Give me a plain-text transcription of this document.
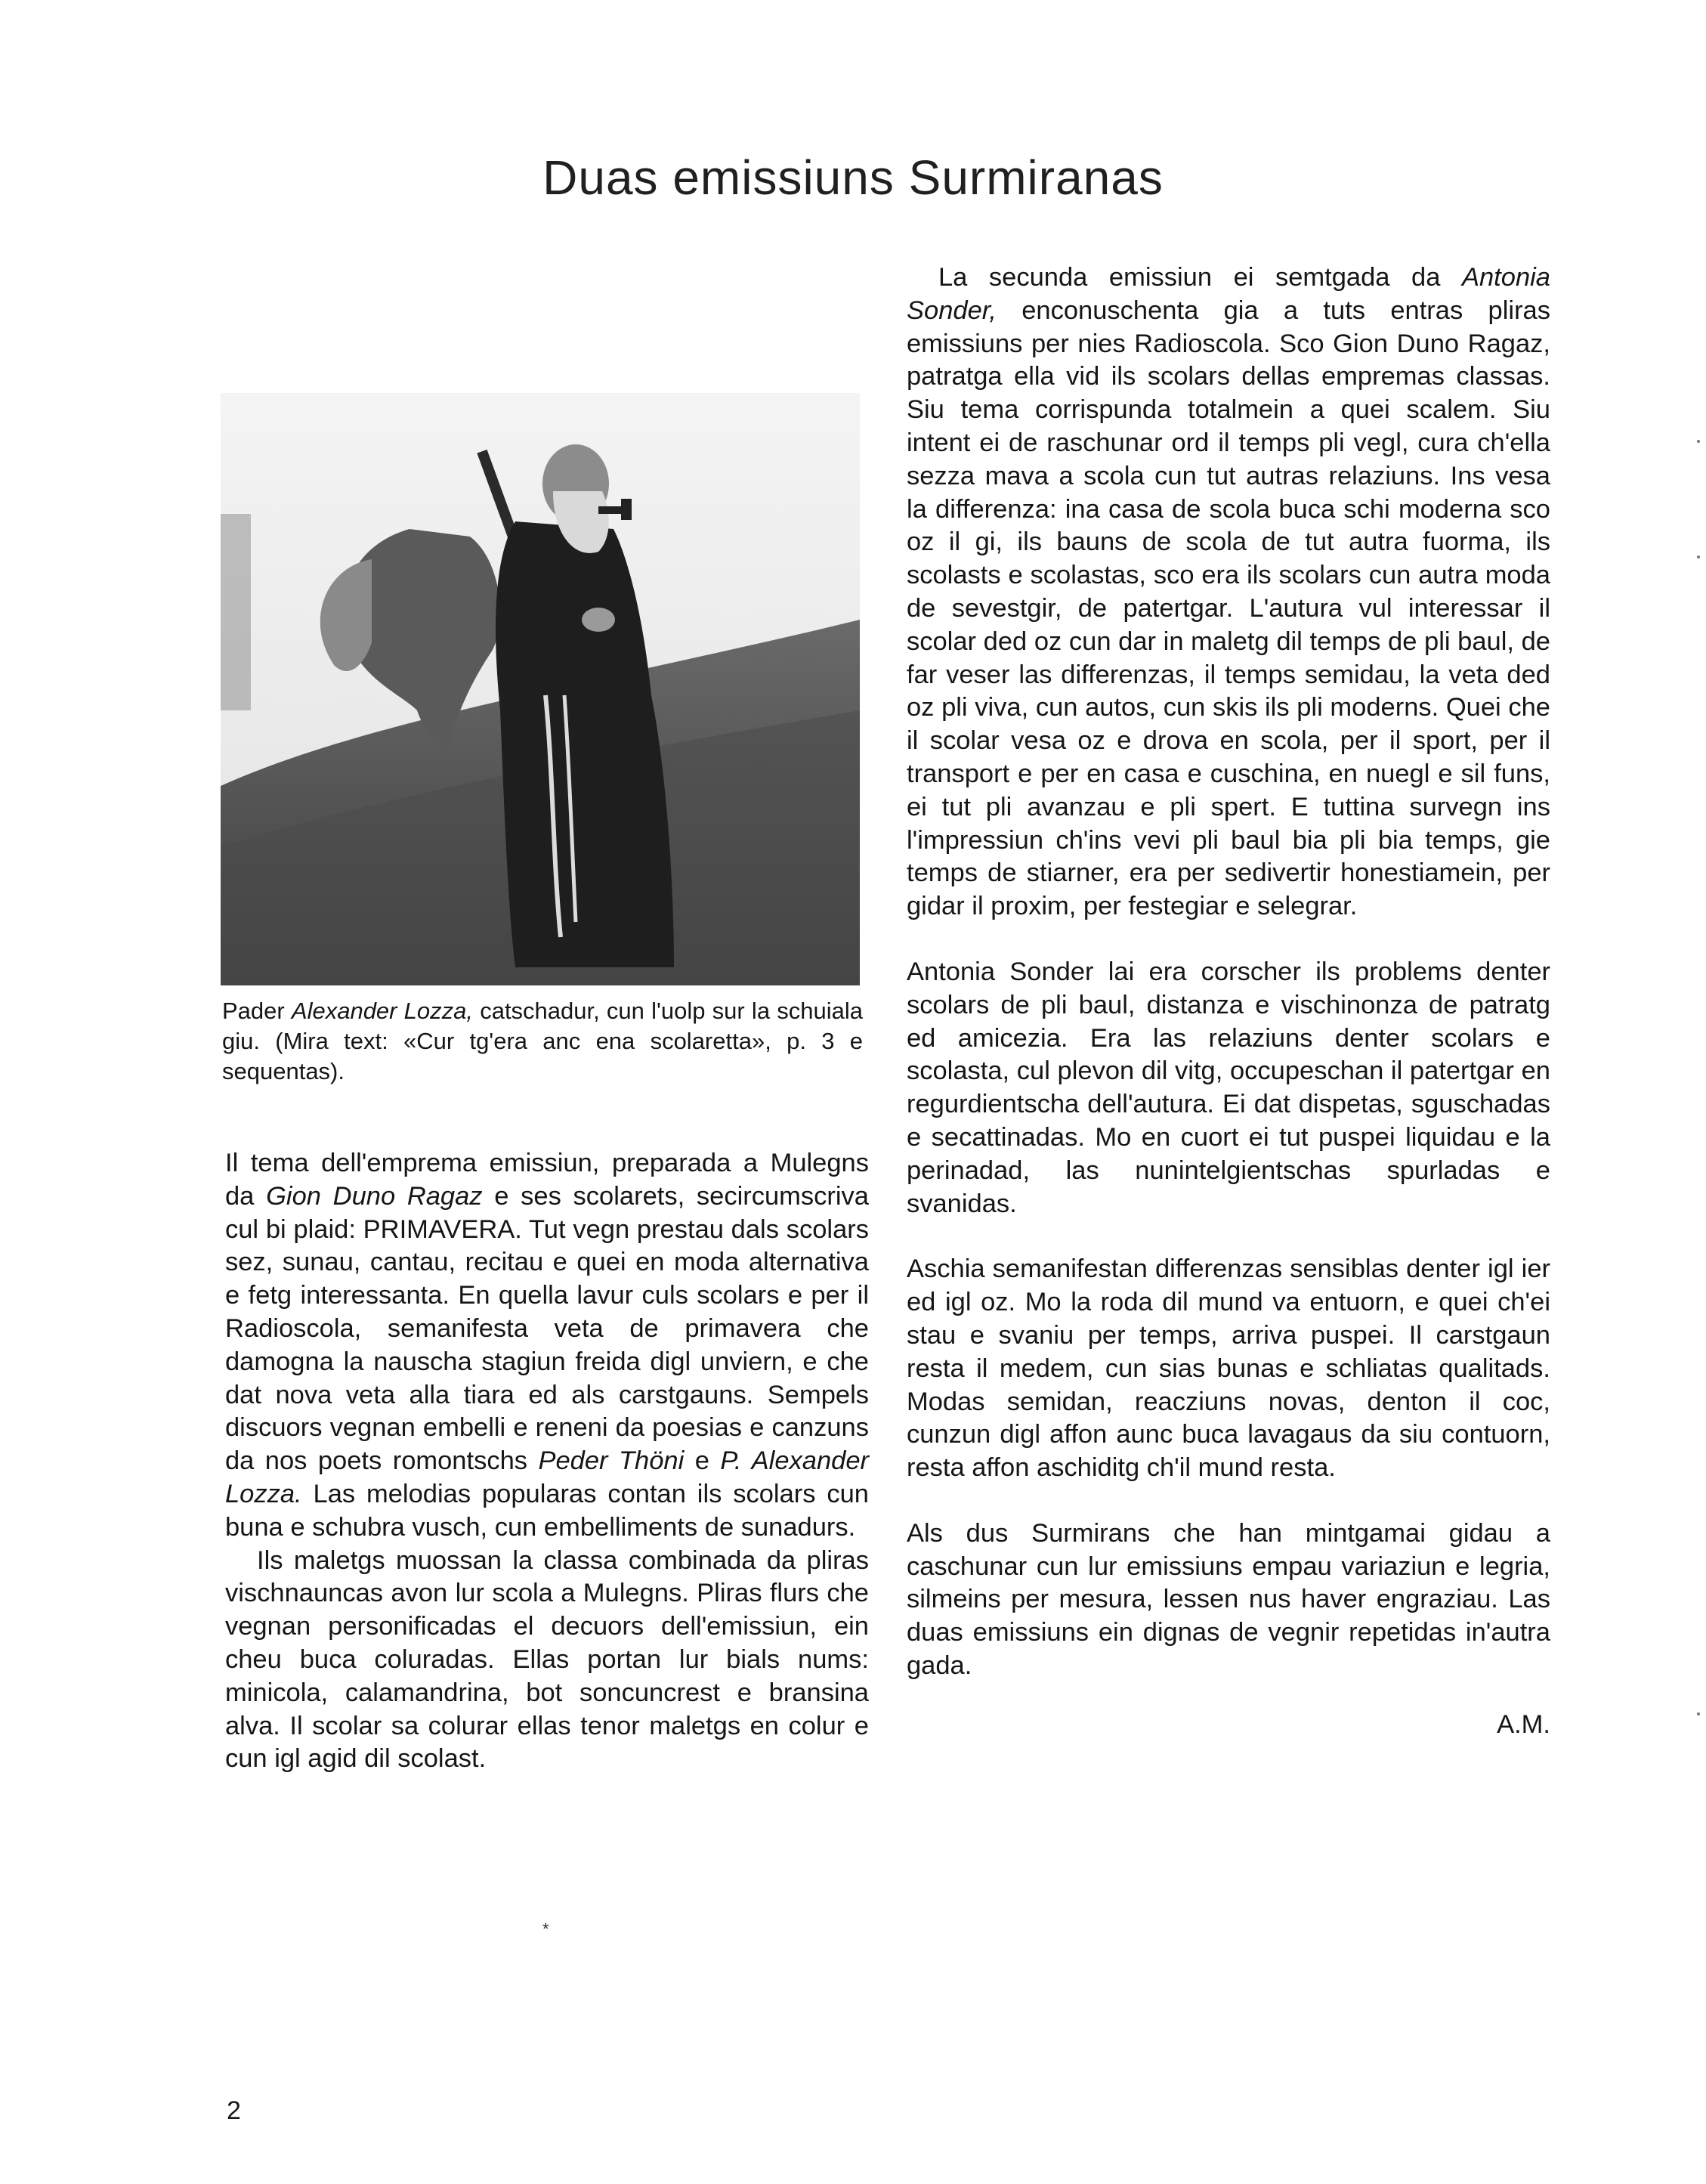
Duas emissiuns Surmiranas

Pader Alexander Lozza, catschadur, cun l'uolp sur la schuiala giu. (Mira text: «Cur tg'era anc ena scolaretta», p. 3 e sequentas).

Il tema dell'emprema emissiun, preparada a Mulegns da Gion Duno Ragaz e ses scolarets, secircumscriva cul bi plaid: PRIMAVERA. Tut vegn prestau dals scolars sez, sunau, cantau, recitau e quei en moda alternativa e fetg interessanta. En quella lavur culs scolars e per il Radioscola, semanifesta veta de primavera che damogna la nauscha stagiun freida digl unviern, e che dat nova veta alla tiara ed als carstgauns. Sempels discuors vegnan embelli e reneni da poesias e canzuns da nos poets romontschs Peder Thöni e P. Alexander Lozza. Las melodias popularas contan ils scolars cun buna e schubra vusch, cun embelliments de sunadurs.

Ils maletgs muossan la classa combinada da pliras vischnauncas avon lur scola a Mulegns. Pliras flurs che vegnan personificadas el decuors dell'emissiun, ein cheu buca coluradas. Ellas portan lur bials nums: minicola, calamandrina, bot soncuncrest e bransina alva. Il scolar sa colurar ellas tenor maletgs en colur e cun igl agid dil scolast.

La secunda emissiun ei semtgada da Antonia Sonder, enconuschenta gia a tuts entras pliras emissiuns per nies Radioscola. Sco Gion Duno Ragaz, patratga ella vid ils scolars dellas empremas classas. Siu tema corrispunda totalmein a quei scalem. Siu intent ei de raschunar ord il temps pli vegl, cura ch'ella sezza mava a scola cun tut autras relaziuns. Ins vesa la differenza: ina casa de scola buca schi moderna sco oz il gi, ils bauns de scola de tut autra fuorma, ils scolasts e scolastas, sco era ils scolars cun autra moda de sevestgir, de patertgar. L'autura vul interessar il scolar ded oz cun dar in maletg dil temps de pli baul, de far veser las differenzas, il temps semidau, la veta ded oz pli viva, cun autos, cun skis ils pli moderns. Quei che il scolar vesa oz e drova en scola, per il sport, per il transport e per en casa e cuschina, en nuegl e sil funs, ei tut pli avanzau e pli spert. E tuttina survegn ins l'impressiun ch'ins vevi pli baul bia pli bia temps, gie temps de stiarner, era per sedivertir honestiamein, per gidar il proxim, per festegiar e selegrar.

Antonia Sonder lai era corscher ils problems denter scolars de pli baul, distanza e vischinonza de patratg ed amicezia. Era las relaziuns denter scolars e scolasta, cul plevon dil vitg, occupeschan il patertgar en regurdientscha dell'autura. Ei dat dispetas, sguschadas e secattinadas. Mo en cuort ei tut puspei liquidau e la perinadad, las nunintelgientschas spurladas e svanidas.

Aschia semanifestan differenzas sensiblas denter igl ier ed igl oz. Mo la roda dil mund va entuorn, e quei ch'ei stau e svaniu per temps, arriva puspei. Il carstgaun resta il medem, cun sias bunas e schliatas qualitads. Modas semidan, reacziuns novas, denton il coc, cunzun digl affon aunc buca lavagaus da siu contuorn, resta affon aschiditg ch'il mund resta.

Als dus Surmirans che han mintgamai gidau a caschunar cun lur emissiuns empau variaziun e legria, silmeins per mesura, lessen nus haver engraziau. Las duas emissiuns ein dignas de vegnir repetidas in'autra gada.

A.M.

*
2
